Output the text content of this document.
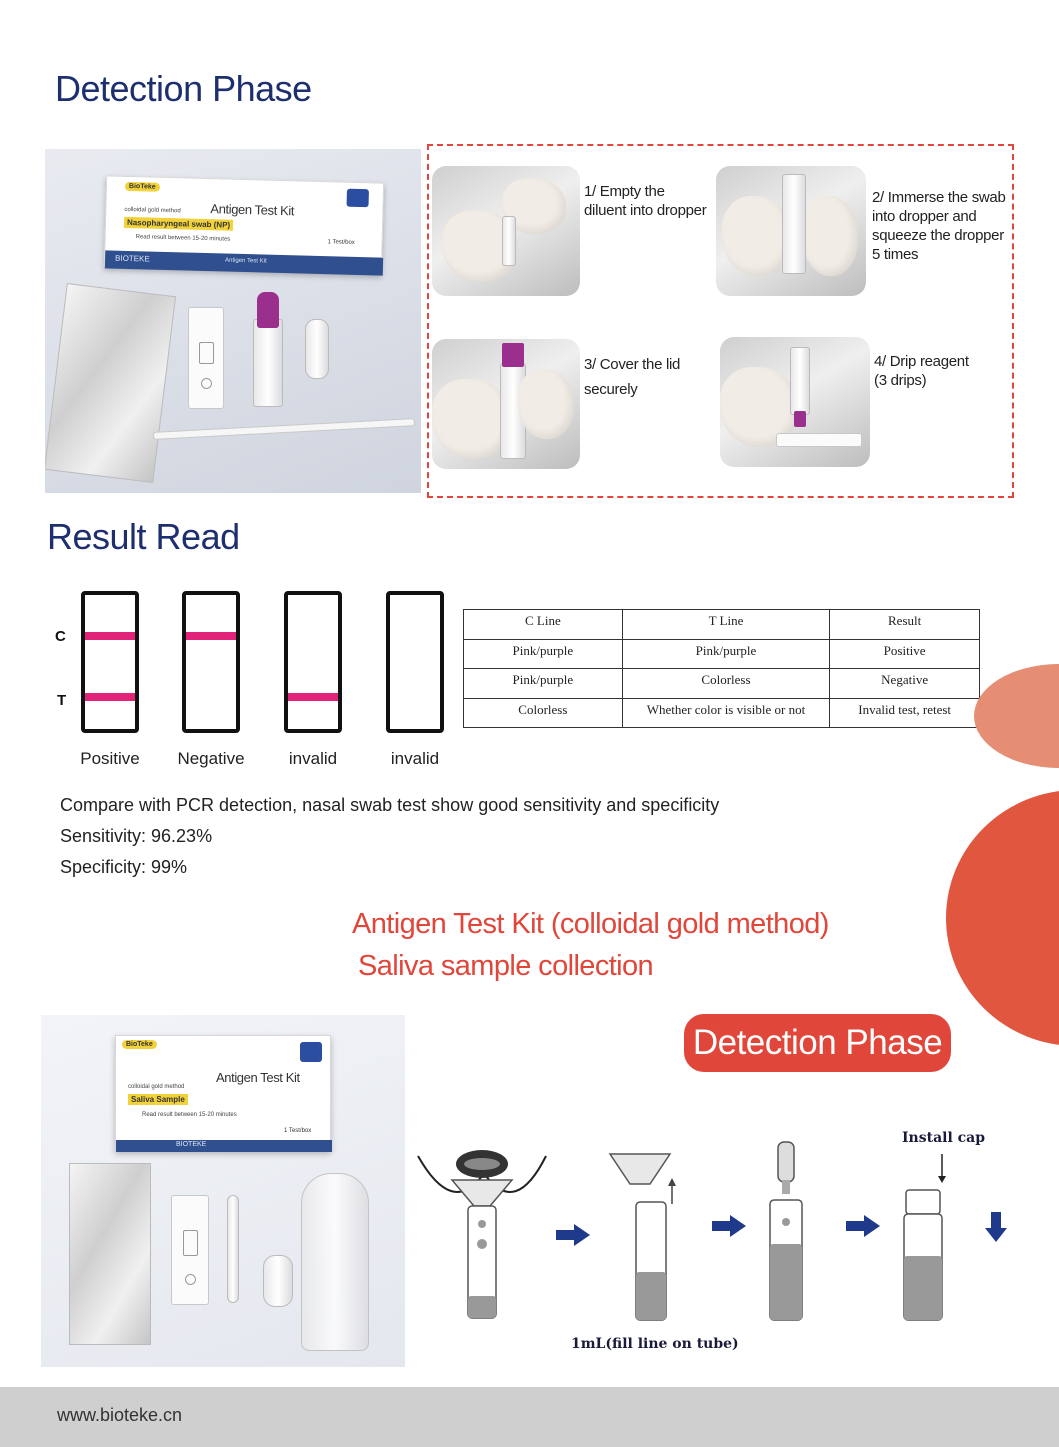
Detection Phase
BioTeke
Antigen Test Kit
colloidal gold method
Nasopharyngeal swab (NP)
Read result between 15-20 minutes	1 Test/box
BIOTEKE	Antigen Test Kit
1/ Empty the
diluent into dropper
2/ Immerse the swab
into dropper and
squeeze the dropper
5 times
3/ Cover the lid
securely
4/ Drip reagent
(3 drips)
Result Read
C
T
Positive	Negative	invalid	invalid
C Line	T Line	Result
Pink/purple	Pink/purple	Positive
Pink/purple	Colorless	Negative
Colorless	Whether color is visible or not	Invalid test, retest
Compare with PCR detection, nasal swab test show good sensitivity and specificity
Sensitivity: 96.23%
Specificity: 99%
Antigen Test Kit (colloidal gold method)
Saliva sample collection
BioTeke
Antigen Test Kit
colloidal gold method
Saliva Sample
Read result between 15-20 minutes
1 Test/box
BIOTEKE
Detection Phase
Install cap
1mL(fill line on tube)
www.bioteke.cn
